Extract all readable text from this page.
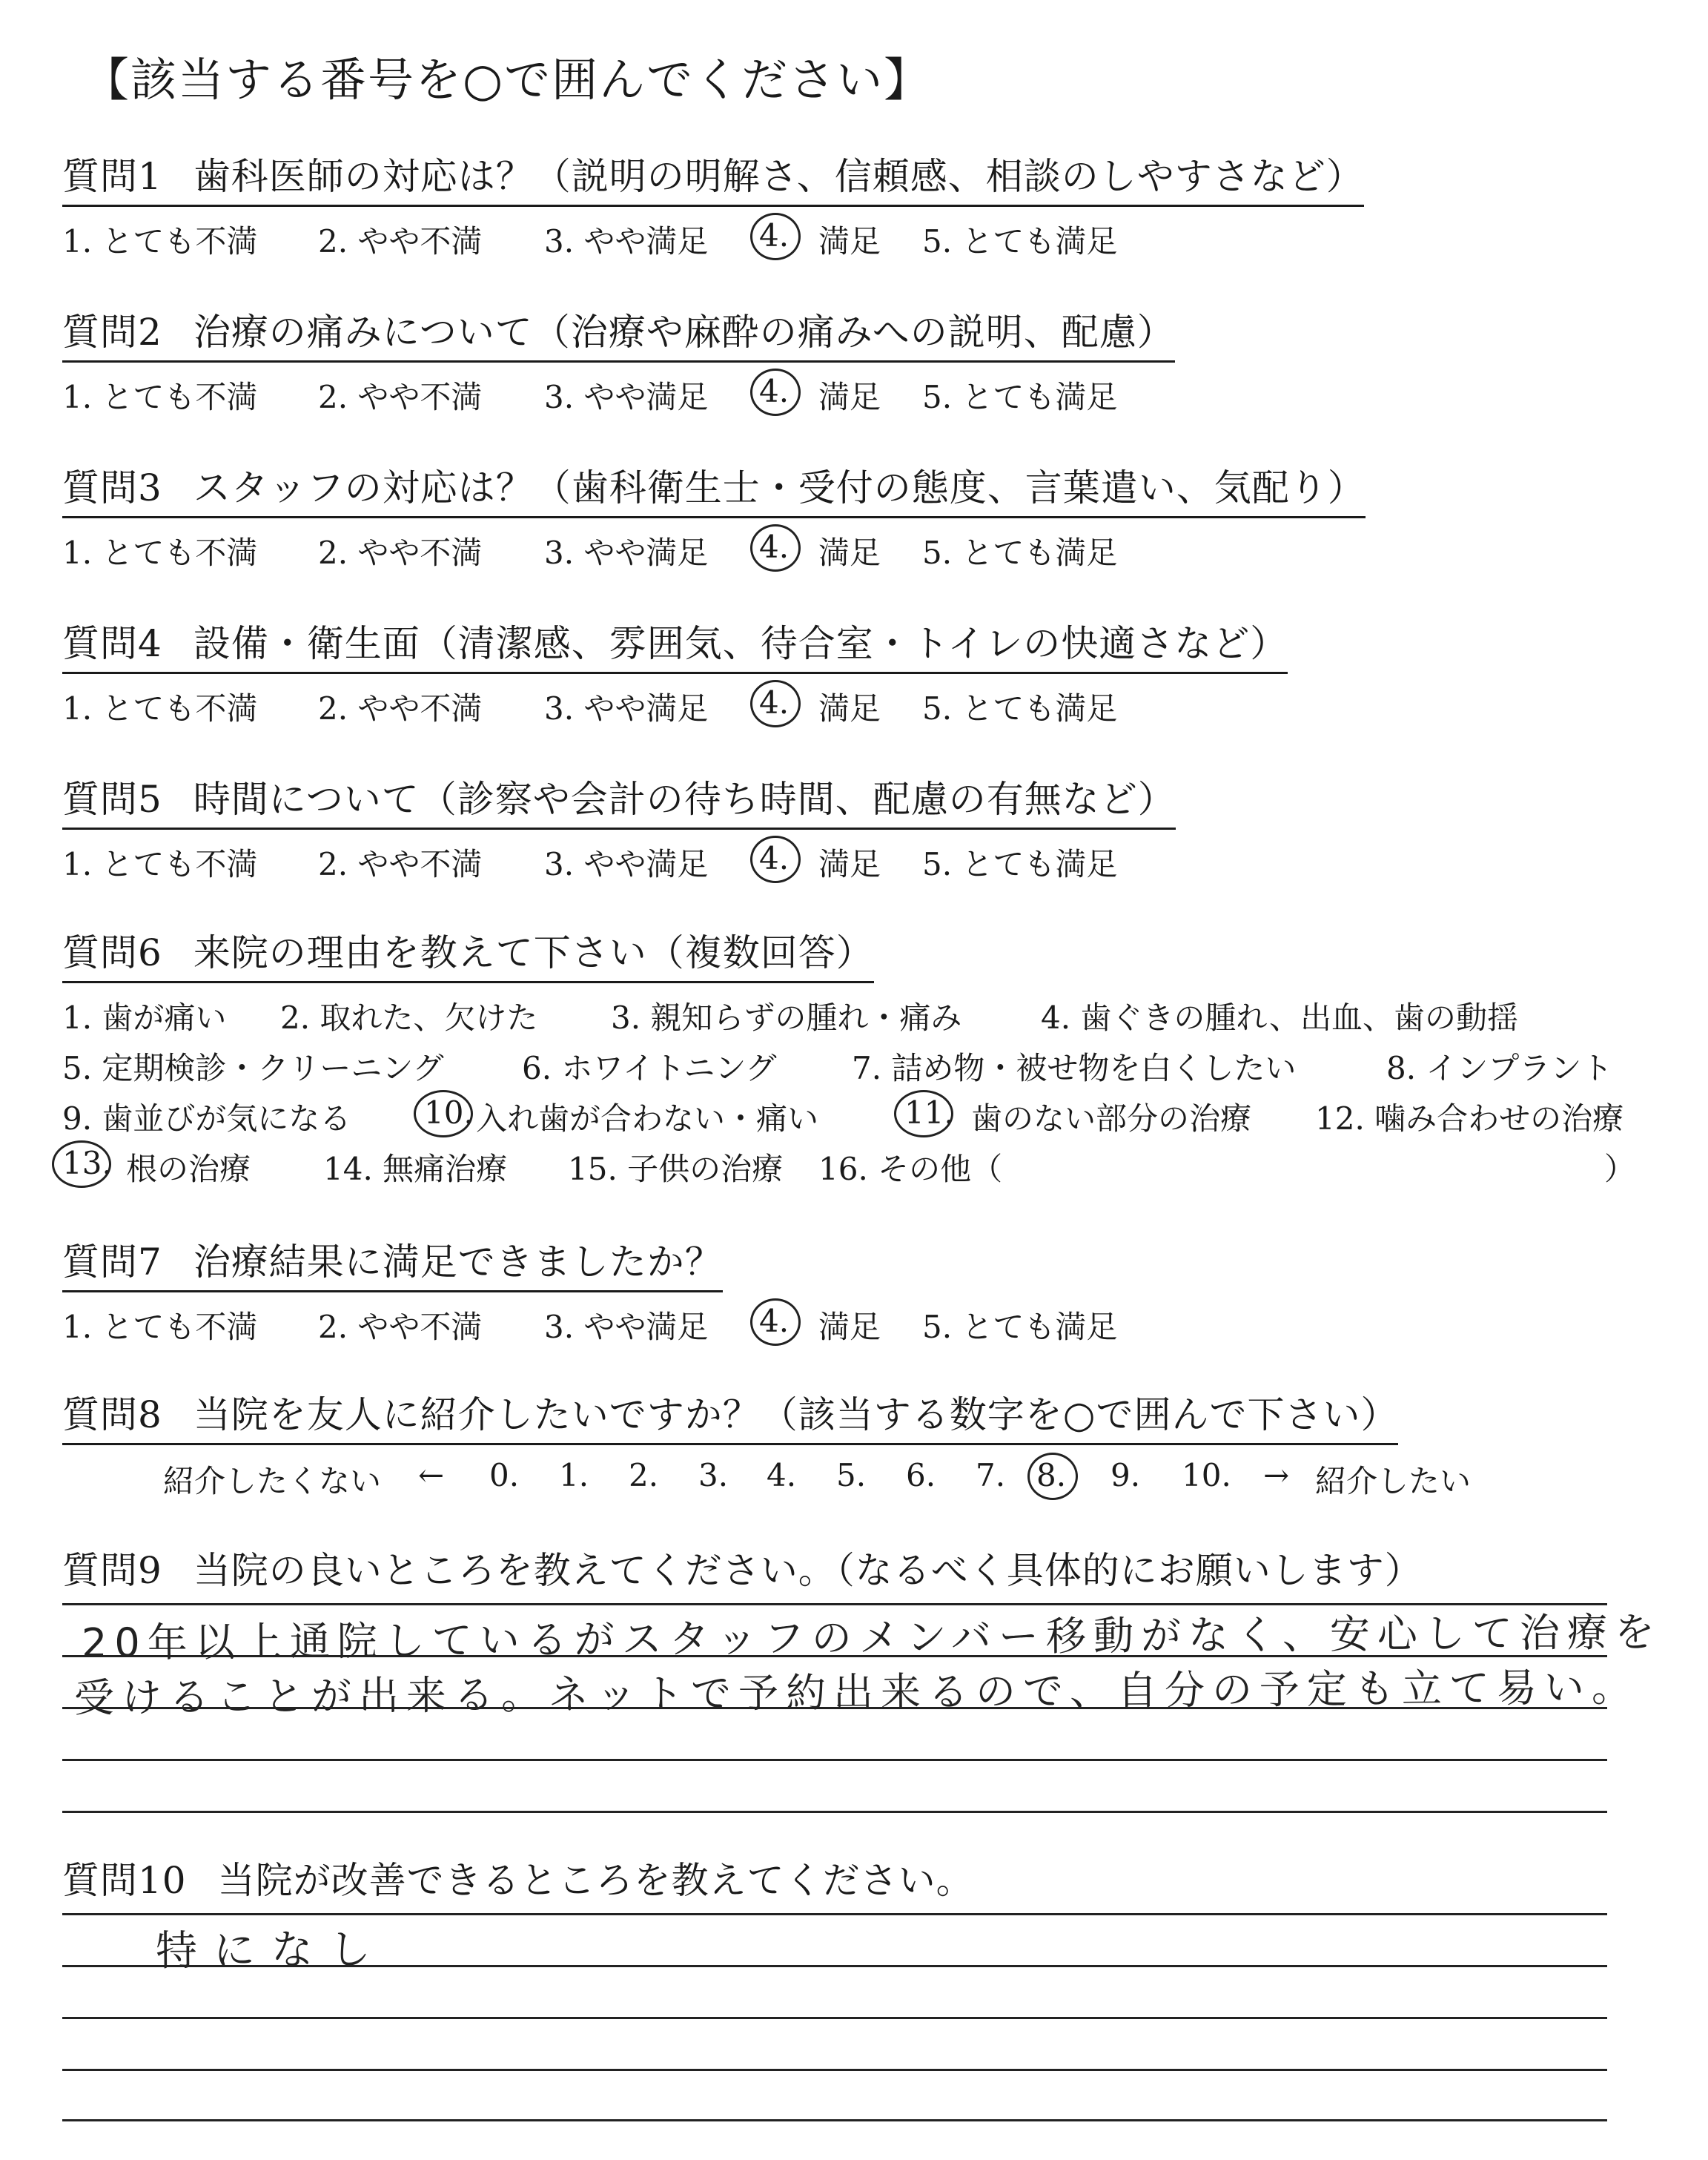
【該当する番号を○で囲んでください】
質問1 歯科医師の対応は？（説明の明解さ、信頼感、相談のしやすさなど）
1. とても不満 2. やや不満 3. やや満足 4. 満足 5. とても満足
質問2 治療の痛みについて（治療や麻酔の痛みへの説明、配慮）
1. とても不満 2. やや不満 3. やや満足 4. 満足 5. とても満足
質問3 スタッフの対応は？（歯科衛生士・受付の態度、言葉遣い、気配り）
1. とても不満 2. やや不満 3. やや満足 4. 満足 5. とても満足
質問4 設備・衛生面（清潔感、雰囲気、待合室・トイレの快適さなど）
1. とても不満 2. やや不満 3. やや満足 4. 満足 5. とても満足
質問5 時間について（診察や会計の待ち時間、配慮の有無など）
1. とても不満 2. やや不満 3. やや満足 4. 満足 5. とても満足
質問6 来院の理由を教えて下さい（複数回答）
1. 歯が痛い 2. 取れた、欠けた 3. 親知らずの腫れ・痛み	4. 歯ぐきの腫れ、出血、歯の動揺
5. 定期検診・クリーニング	6. ホワイトニング 7. 詰め物・被せ物を白くしたい	8. インプラント
9. 歯並びが気になる 10. 入れ歯が合わない・痛い	11. 歯のない部分の治療 12. 噛み合わせの治療
13. 根の治療 14. 無痛治療 15. 子供の治療 16. その他（	）
質問7 治療結果に満足できましたか？
1. とても不満 2. やや不満 3. やや満足 4. 満足 5. とても満足
質問8 当院を友人に紹介したいですか？（該当する数字を○で囲んで下さい）
紹介したくない ← 0. 1. 2. 3. 4. 5. 6. 7. 8. 9. 10. → 紹介したい
質問9 当院の良いところを教えてください。（なるべく具体的にお願いします）
20年以上通院しているがスタッフのメンバー移動がなく、安心して治療を
受けることが出来る。ネットで予約出来るので、自分の予定も立て易い。
質問10 当院が改善できるところを教えてください。
特になし
